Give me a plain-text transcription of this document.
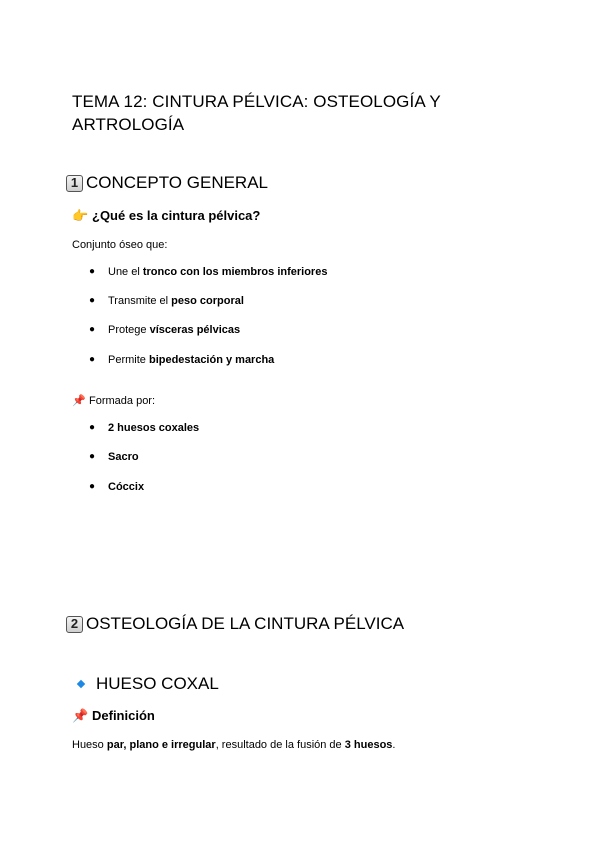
TEMA 12: CINTURA PÉLVICA: OSTEOLOGÍA Y ARTROLOGÍA
1 CONCEPTO GENERAL
👉 ¿Qué es la cintura pélvica?
Conjunto óseo que:
● Une el tronco con los miembros inferiores
● Transmite el peso corporal
● Protege vísceras pélvicas
● Permite bipedestación y marcha
📌 Formada por:
● 2 huesos coxales
● Sacro
● Cóccix
2 OSTEOLOGÍA DE LA CINTURA PÉLVICA
HUESO COXAL
📌 Definición
Hueso par, plano e irregular, resultado de la fusión de 3 huesos.
